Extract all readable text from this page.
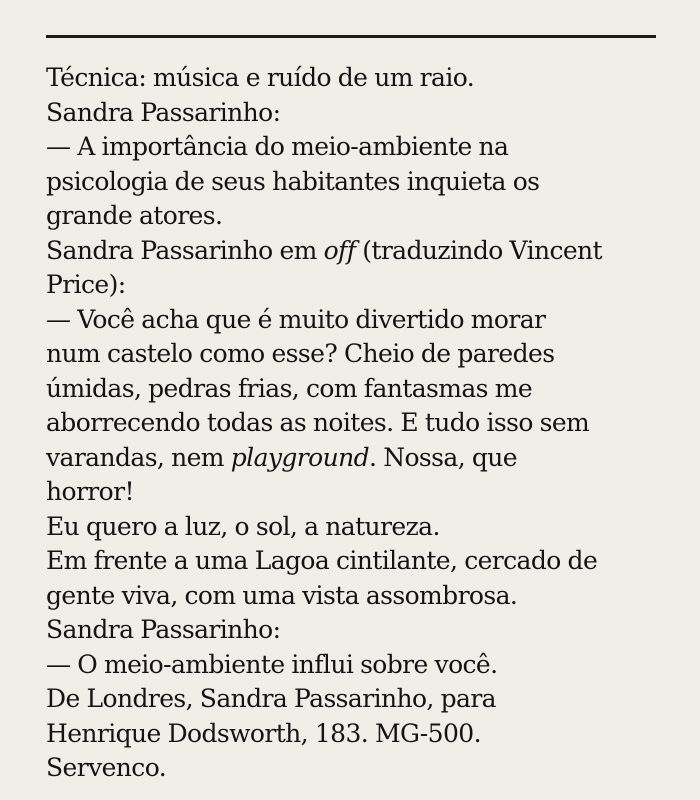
Técnica: música e ruído de um raio.

Sandra Passarinho:

— A importância do meio-ambiente na

psicologia de seus habitantes inquieta os

grande atores.

Sandra Passarinho em off (traduzindo Vincent

Price):

— Você acha que é muito divertido morar

num castelo como esse? Cheio de paredes

úmidas, pedras frias, com fantasmas me

aborrecendo todas as noites. E tudo isso sem

varandas, nem playground. Nossa, que

horror!

Eu quero a luz, o sol, a natureza.

Em frente a uma Lagoa cintilante, cercado de

gente viva, com uma vista assombrosa.

Sandra Passarinho:

— O meio-ambiente influi sobre você.

De Londres, Sandra Passarinho, para

Henrique Dodsworth, 183. MG-500.

Servenco.
